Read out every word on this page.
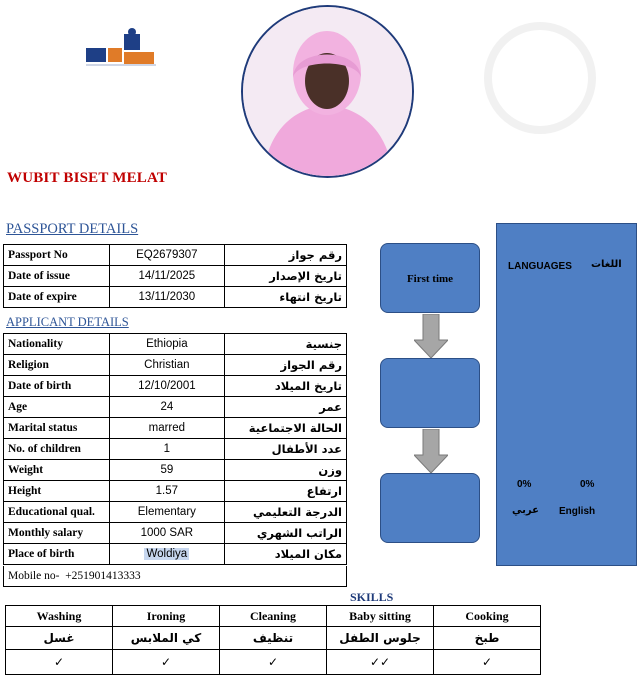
WUBIT BISET MELAT
PASSPORT DETAILS
Passport No	EQ2679307	رقم جواز
Date of issue	14/11/2025	تاريخ الإصدار
Date of expire	13/11/2030	تاريخ انتهاء
APPLICANT DETAILS
Nationality	Ethiopia	جنسية
Religion	Christian	رقم الجواز
Date of birth	12/10/2001	تاريخ الميلاد
Age	24	عمر
Marital status	marred	الحالة الاجتماعية
No. of children	1	عدد الأطفال
Weight	59	وزن
Height	1.57	ارتفاع
Educational qual.	Elementary	الدرجة التعليمي
Monthly salary	1000 SAR	الراتب الشهري
Place of birth	Woldiya	مكان الميلاد
Mobile no- +251901413333
First time
LANGUAGES اللغات
0%	0%
عربي English
SKILLS
Washing	Ironing	Cleaning	Baby sitting	Cooking
غسل	كي الملابس	تنظيف	جلوس الطفل	طبخ
✓	✓	✓	✓✓	✓
